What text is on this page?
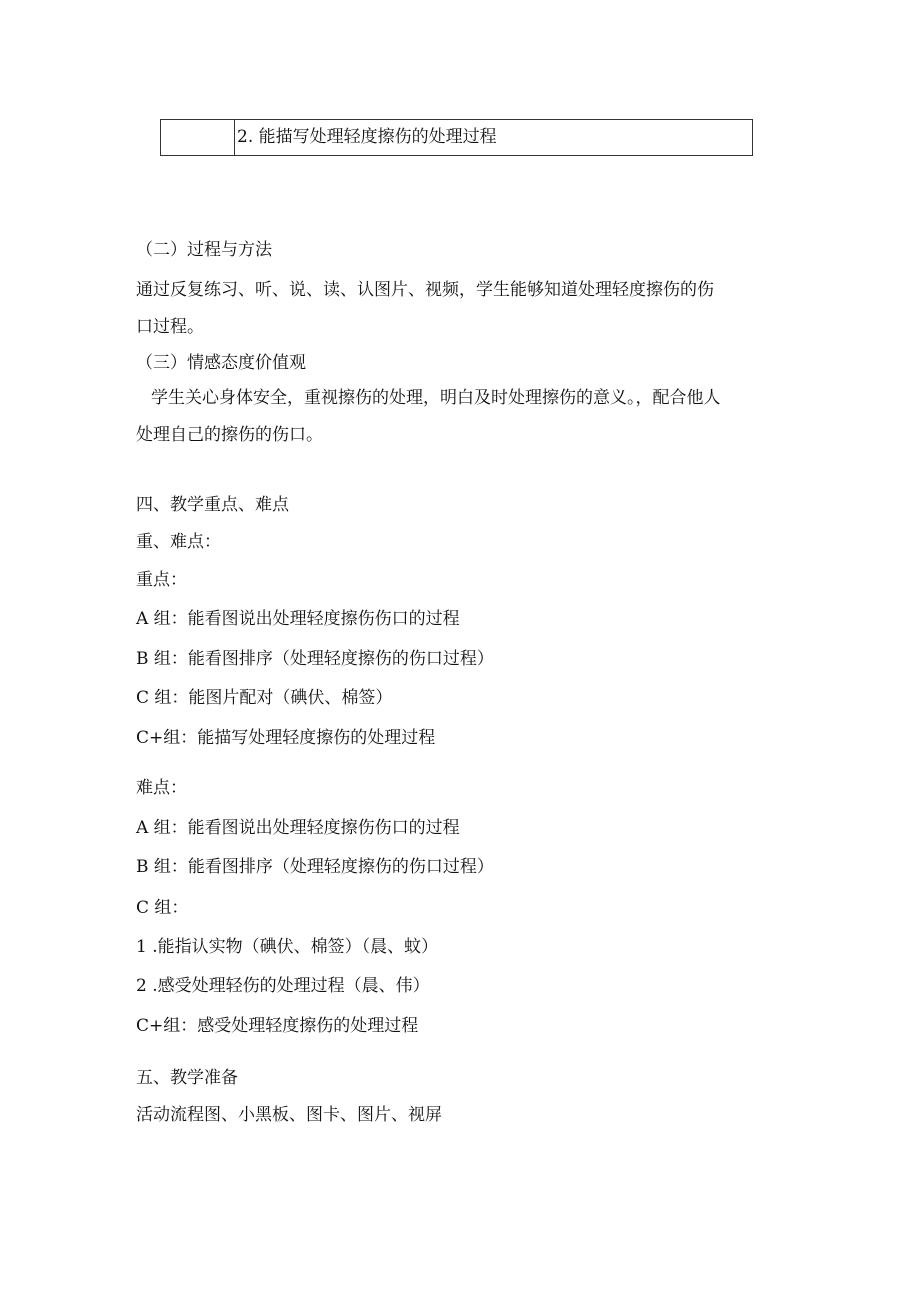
2. 能描写处理轻度擦伤的处理过程

（二）过程与方法

通过反复练习、听、说、读、认图片、视频，学生能够知道处理轻度擦伤的伤

口过程。

（三）情感态度价值观

学生关心身体安全，重视擦伤的处理，明白及时处理擦伤的意义。，配合他人

处理自己的擦伤的伤口。

四、教学重点、难点

重、难点：

重点：

A 组：能看图说出处理轻度擦伤伤口的过程

B 组：能看图排序（处理轻度擦伤的伤口过程）

C 组：能图片配对（碘伏、棉签）

C+组：能描写处理轻度擦伤的处理过程

难点：

A 组：能看图说出处理轻度擦伤伤口的过程

B 组：能看图排序（处理轻度擦伤的伤口过程）

C 组：

1 .能指认实物（碘伏、棉签）（晨、蚊）

2 .感受处理轻伤的处理过程（晨、伟）

C+组：感受处理轻度擦伤的处理过程

五、教学准备

活动流程图、小黑板、图卡、图片、视屏
